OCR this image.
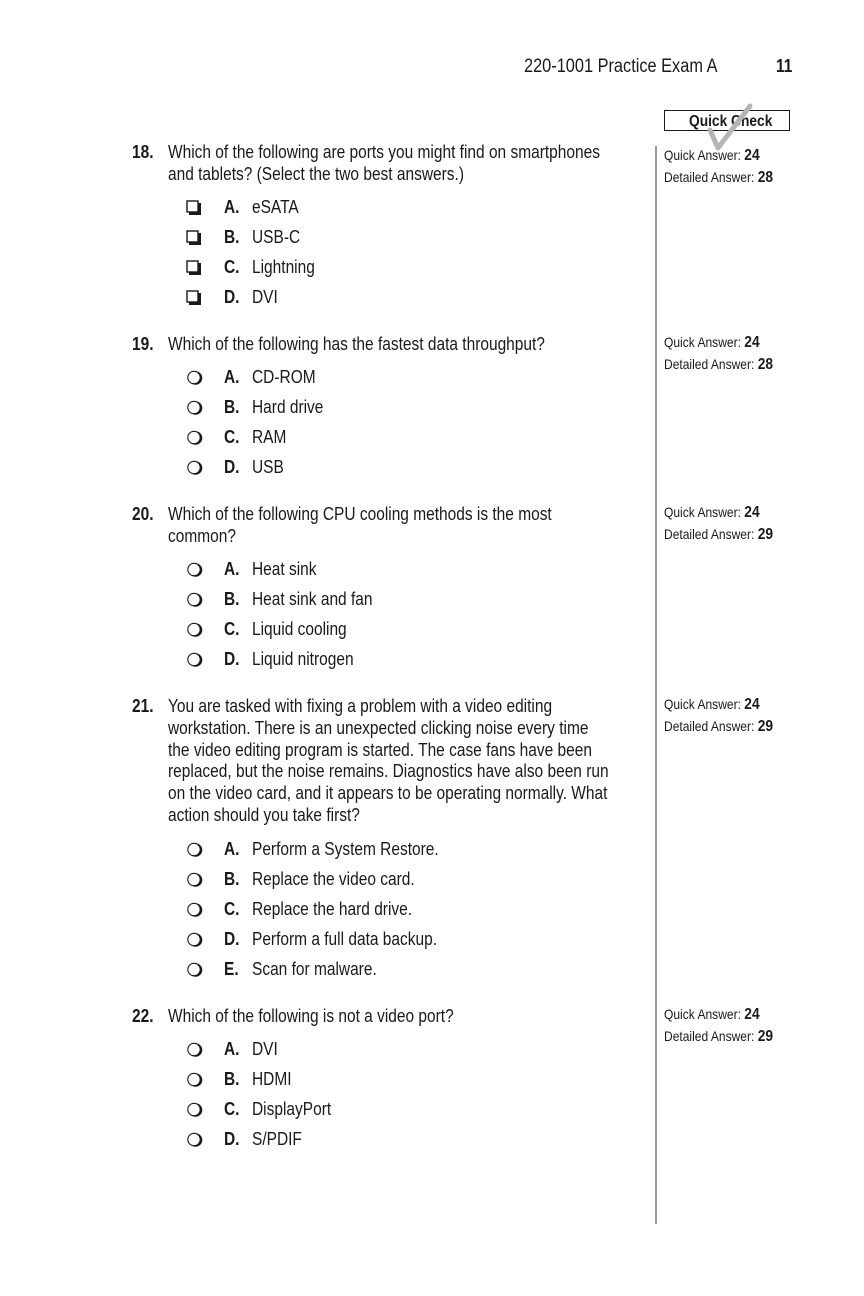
220-1001 Practice Exam A	11
Quick Check
18. Which of the following are ports you might find on smartphones
and tablets? (Select the two best answers.)
A. eSATA
B. USB-C
C. Lightning
D. DVI
Quick Answer: 24
Detailed Answer: 28
19. Which of the following has the fastest data throughput?
A. CD-ROM
B. Hard drive
C. RAM
D. USB
Quick Answer: 24
Detailed Answer: 28
20. Which of the following CPU cooling methods is the most
common?
A. Heat sink
B. Heat sink and fan
C. Liquid cooling
D. Liquid nitrogen
Quick Answer: 24
Detailed Answer: 29
21. You are tasked with fixing a problem with a video editing
workstation. There is an unexpected clicking noise every time
the video editing program is started. The case fans have been
replaced, but the noise remains. Diagnostics have also been run
on the video card, and it appears to be operating normally. What
action should you take first?
A. Perform a System Restore.
B. Replace the video card.
C. Replace the hard drive.
D. Perform a full data backup.
E. Scan for malware.
Quick Answer: 24
Detailed Answer: 29
22. Which of the following is not a video port?
A. DVI
B. HDMI
C. DisplayPort
D. S/PDIF
Quick Answer: 24
Detailed Answer: 29
